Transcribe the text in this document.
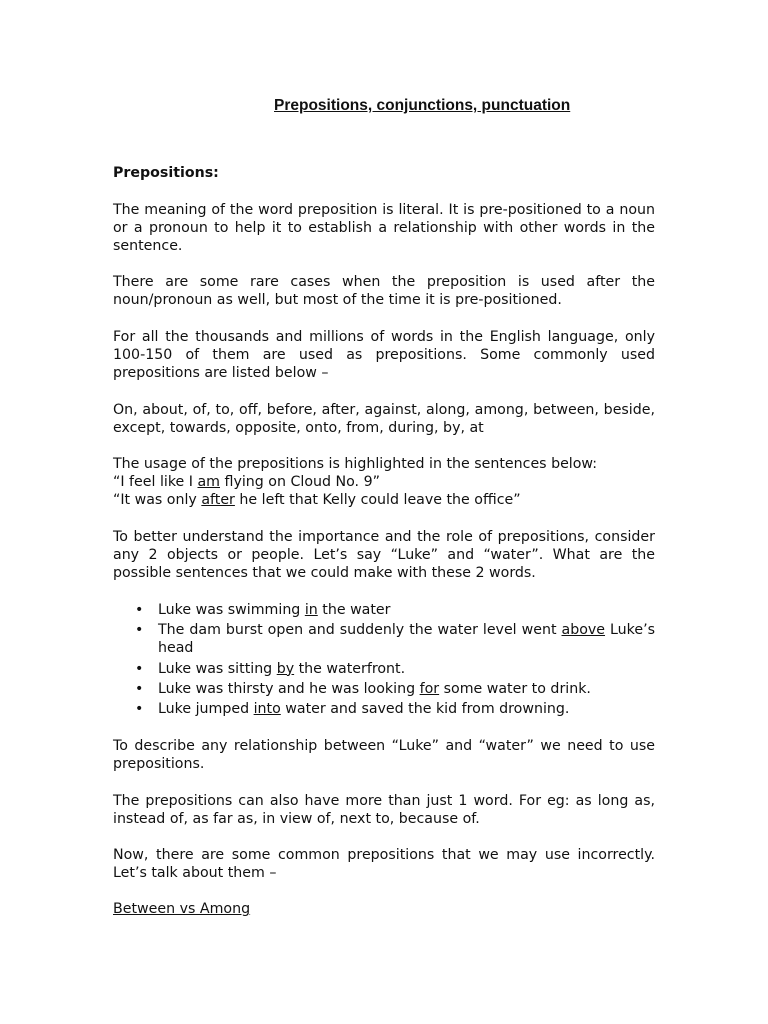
Prepositions, conjunctions, punctuation
Prepositions:

The meaning of the word preposition is literal. It is pre-positioned to a noun or a pronoun to help it to establish a relationship with other words in the sentence.

There are some rare cases when the preposition is used after the noun/pronoun as well, but most of the time it is pre-positioned.

For all the thousands and millions of words in the English language, only 100-150 of them are used as prepositions. Some commonly used prepositions are listed below –

On, about, of, to, off, before, after, against, along, among, between, beside, except, towards, opposite, onto, from, during, by, at

The usage of the prepositions is highlighted in the sentences below:
“I feel like I am flying on Cloud No. 9”
“It was only after he left that Kelly could leave the office”

To better understand the importance and the role of prepositions, consider any 2 objects or people. Let’s say “Luke” and “water”. What are the possible sentences that we could make with these 2 words.

• Luke was swimming in the water
• The dam burst open and suddenly the water level went above Luke’s head
• Luke was sitting by the waterfront.
• Luke was thirsty and he was looking for some water to drink.
• Luke jumped into water and saved the kid from drowning.

To describe any relationship between “Luke” and “water” we need to use prepositions.

The prepositions can also have more than just 1 word. For eg: as long as, instead of, as far as, in view of, next to, because of.

Now, there are some common prepositions that we may use incorrectly. Let’s talk about them –

Between vs Among
